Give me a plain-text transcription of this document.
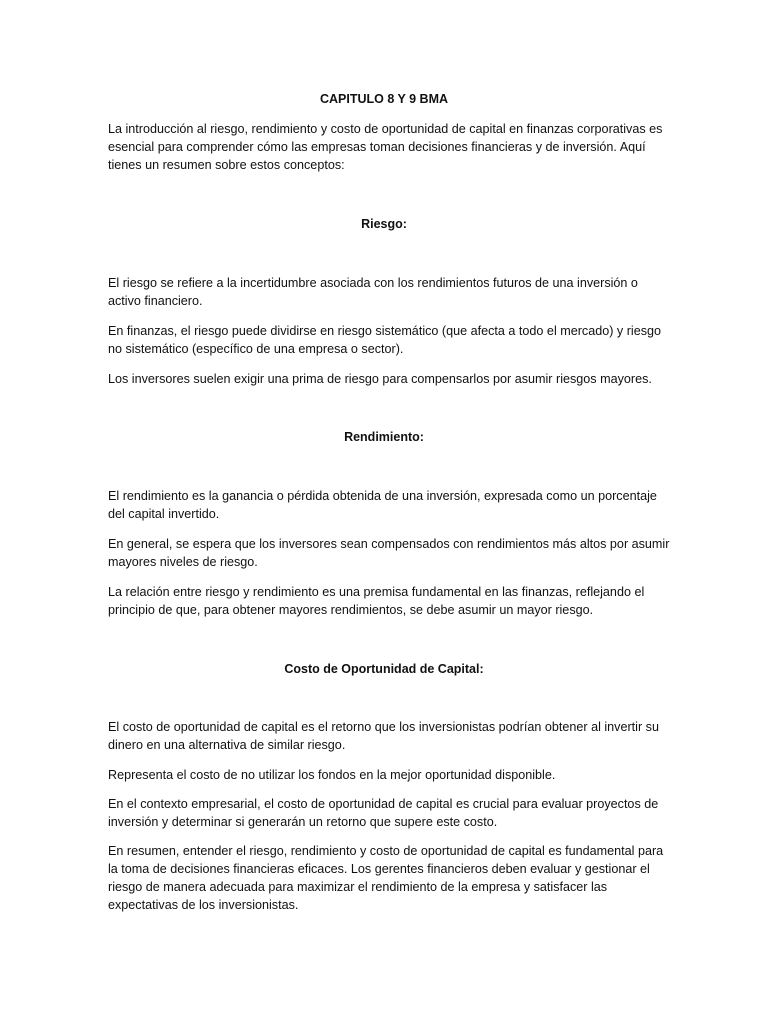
CAPITULO 8 Y 9 BMA

La introducción al riesgo, rendimiento y costo de oportunidad de capital en finanzas corporativas es esencial para comprender cómo las empresas toman decisiones financieras y de inversión. Aquí tienes un resumen sobre estos conceptos:

Riesgo:

El riesgo se refiere a la incertidumbre asociada con los rendimientos futuros de una inversión o activo financiero.

En finanzas, el riesgo puede dividirse en riesgo sistemático (que afecta a todo el mercado) y riesgo no sistemático (específico de una empresa o sector).

Los inversores suelen exigir una prima de riesgo para compensarlos por asumir riesgos mayores.

Rendimiento:

El rendimiento es la ganancia o pérdida obtenida de una inversión, expresada como un porcentaje del capital invertido.

En general, se espera que los inversores sean compensados con rendimientos más altos por asumir mayores niveles de riesgo.

La relación entre riesgo y rendimiento es una premisa fundamental en las finanzas, reflejando el principio de que, para obtener mayores rendimientos, se debe asumir un mayor riesgo.

Costo de Oportunidad de Capital:

El costo de oportunidad de capital es el retorno que los inversionistas podrían obtener al invertir su dinero en una alternativa de similar riesgo.

Representa el costo de no utilizar los fondos en la mejor oportunidad disponible.

En el contexto empresarial, el costo de oportunidad de capital es crucial para evaluar proyectos de inversión y determinar si generarán un retorno que supere este costo.

En resumen, entender el riesgo, rendimiento y costo de oportunidad de capital es fundamental para la toma de decisiones financieras eficaces. Los gerentes financieros deben evaluar y gestionar el riesgo de manera adecuada para maximizar el rendimiento de la empresa y satisfacer las expectativas de los inversionistas.
